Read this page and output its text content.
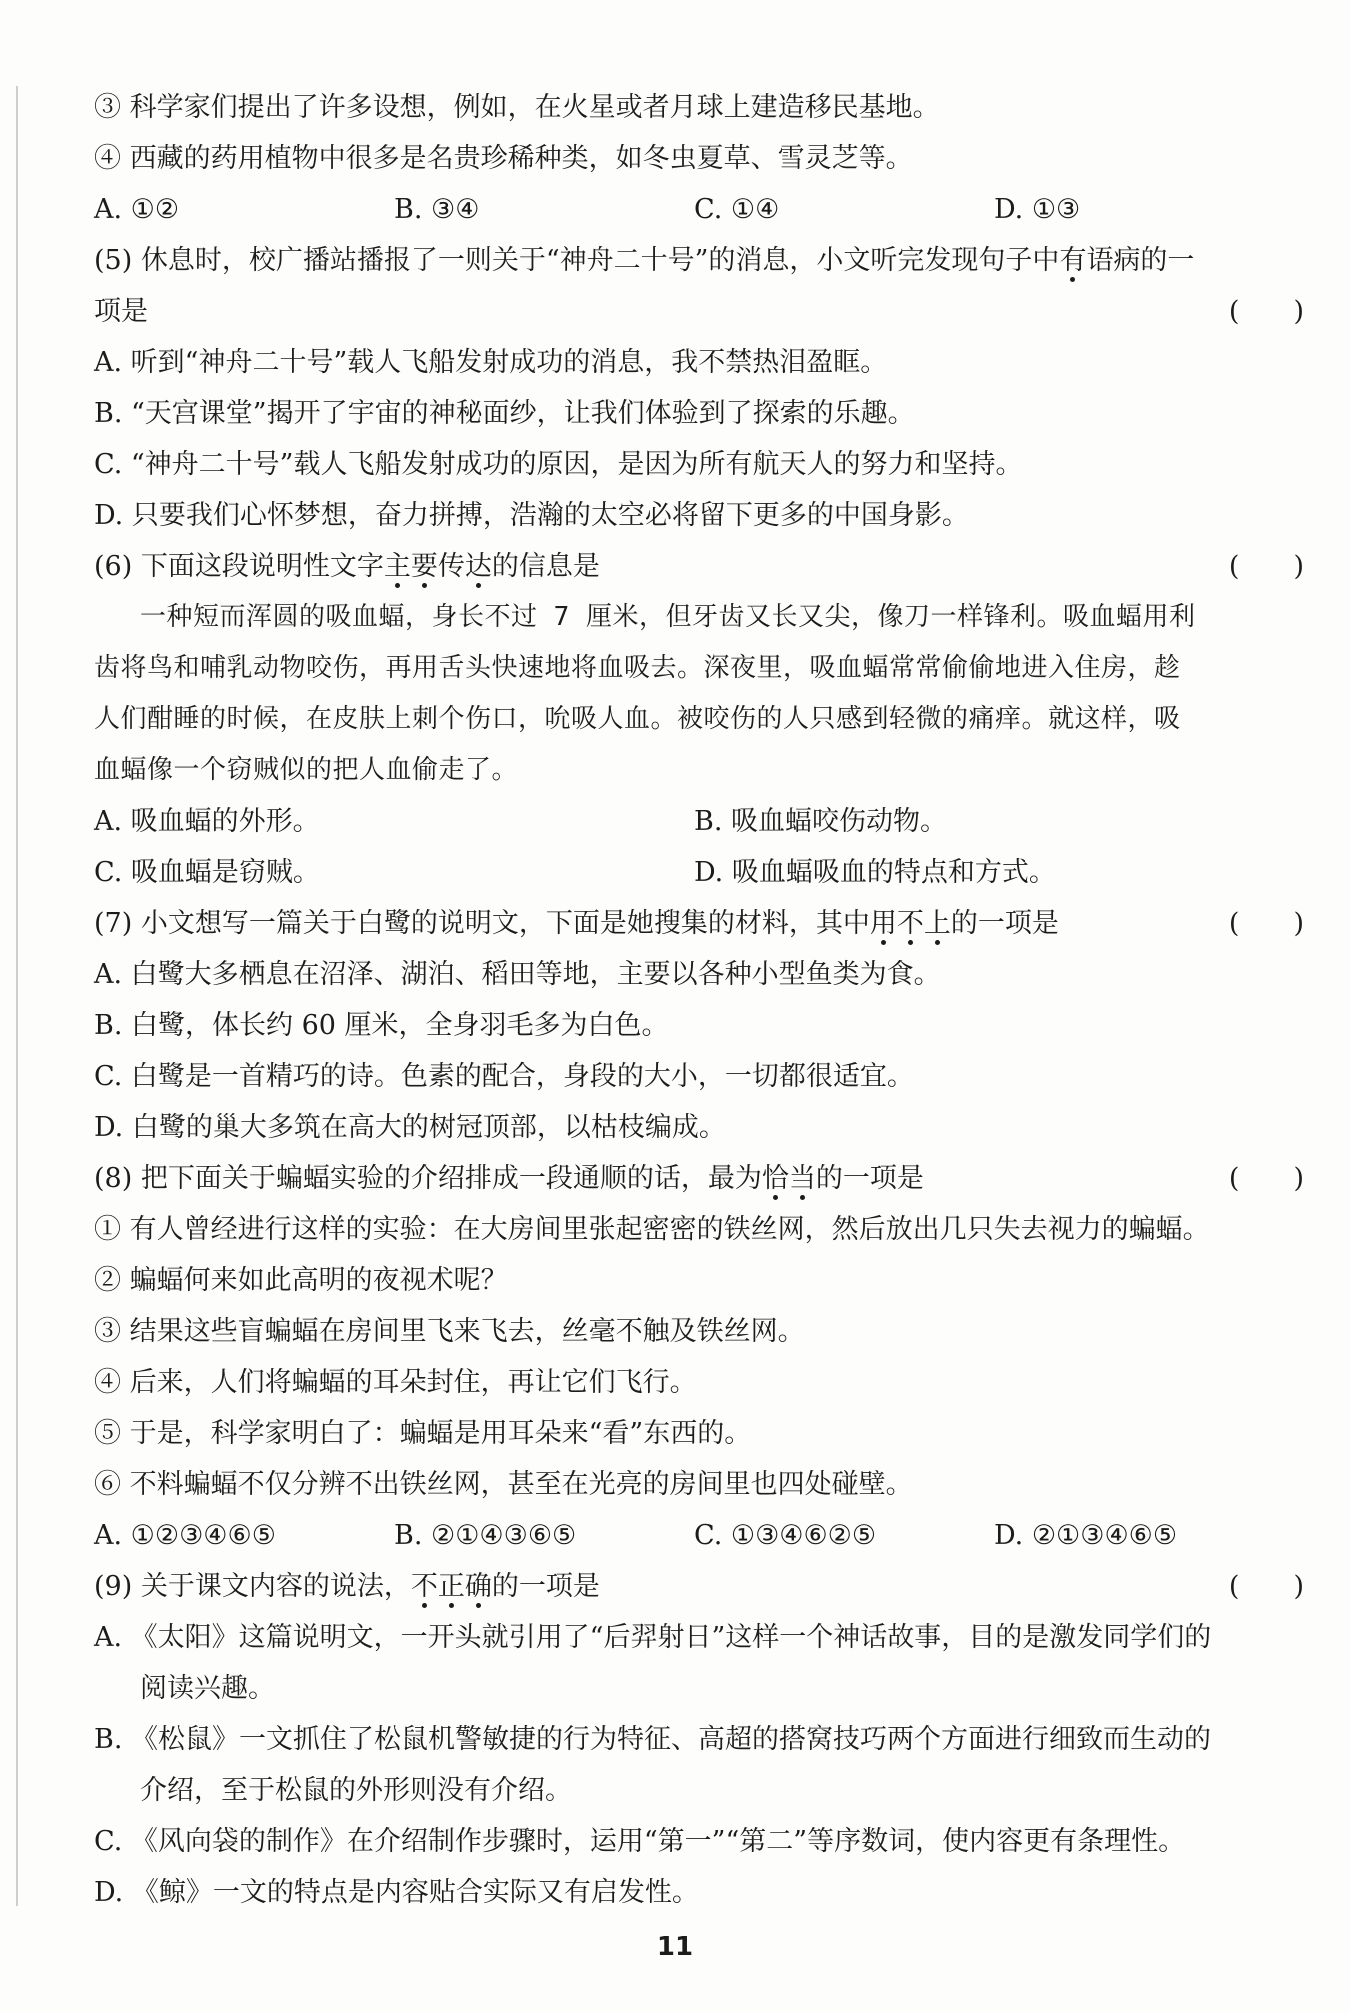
③ 科学家们提出了许多设想，例如，在火星或者月球上建造移民基地。
④ 西藏的药用植物中很多是名贵珍稀种类，如冬虫夏草、雪灵芝等。
A. ①②	B. ③④	C. ①④	D. ①③
(5) 休息时，校广播站播报了一则关于“神舟二十号”的消息，小文听完发现句子中有语病的一
项是	(　　)
A. 听到“神舟二十号”载人飞船发射成功的消息，我不禁热泪盈眶。
B. “天宫课堂”揭开了宇宙的神秘面纱，让我们体验到了探索的乐趣。
C. “神舟二十号”载人飞船发射成功的原因，是因为所有航天人的努力和坚持。
D. 只要我们心怀梦想，奋力拼搏，浩瀚的太空必将留下更多的中国身影。
(6) 下面这段说明性文字主要传达的信息是	(　　)
一种短而浑圆的吸血蝠，身长不过 7 厘米，但牙齿又长又尖，像刀一样锋利。吸血蝠用利
齿将鸟和哺乳动物咬伤，再用舌头快速地将血吸去。深夜里，吸血蝠常常偷偷地进入住房，趁
人们酣睡的时候，在皮肤上刺个伤口，吮吸人血。被咬伤的人只感到轻微的痛痒。就这样，吸
血蝠像一个窃贼似的把人血偷走了。
A. 吸血蝠的外形。	B. 吸血蝠咬伤动物。
C. 吸血蝠是窃贼。	D. 吸血蝠吸血的特点和方式。
(7) 小文想写一篇关于白鹭的说明文，下面是她搜集的材料，其中用不上的一项是	(　　)
A. 白鹭大多栖息在沼泽、湖泊、稻田等地，主要以各种小型鱼类为食。
B. 白鹭，体长约 60 厘米，全身羽毛多为白色。
C. 白鹭是一首精巧的诗。色素的配合，身段的大小，一切都很适宜。
D. 白鹭的巢大多筑在高大的树冠顶部，以枯枝编成。
(8) 把下面关于蝙蝠实验的介绍排成一段通顺的话，最为恰当的一项是	(　　)
① 有人曾经进行这样的实验：在大房间里张起密密的铁丝网，然后放出几只失去视力的蝙蝠。
② 蝙蝠何来如此高明的夜视术呢？
③ 结果这些盲蝙蝠在房间里飞来飞去，丝毫不触及铁丝网。
④ 后来，人们将蝙蝠的耳朵封住，再让它们飞行。
⑤ 于是，科学家明白了：蝙蝠是用耳朵来“看”东西的。
⑥ 不料蝙蝠不仅分辨不出铁丝网，甚至在光亮的房间里也四处碰壁。
A. ①②③④⑥⑤	B. ②①④③⑥⑤	C. ①③④⑥②⑤	D. ②①③④⑥⑤
(9) 关于课文内容的说法，不正确的一项是	(　　)
A. 《太阳》这篇说明文，一开头就引用了“后羿射日”这样一个神话故事，目的是激发同学们的
阅读兴趣。
B. 《松鼠》一文抓住了松鼠机警敏捷的行为特征、高超的搭窝技巧两个方面进行细致而生动的
介绍，至于松鼠的外形则没有介绍。
C. 《风向袋的制作》在介绍制作步骤时，运用“第一”“第二”等序数词，使内容更有条理性。
D. 《鲸》一文的特点是内容贴合实际又有启发性。
11
